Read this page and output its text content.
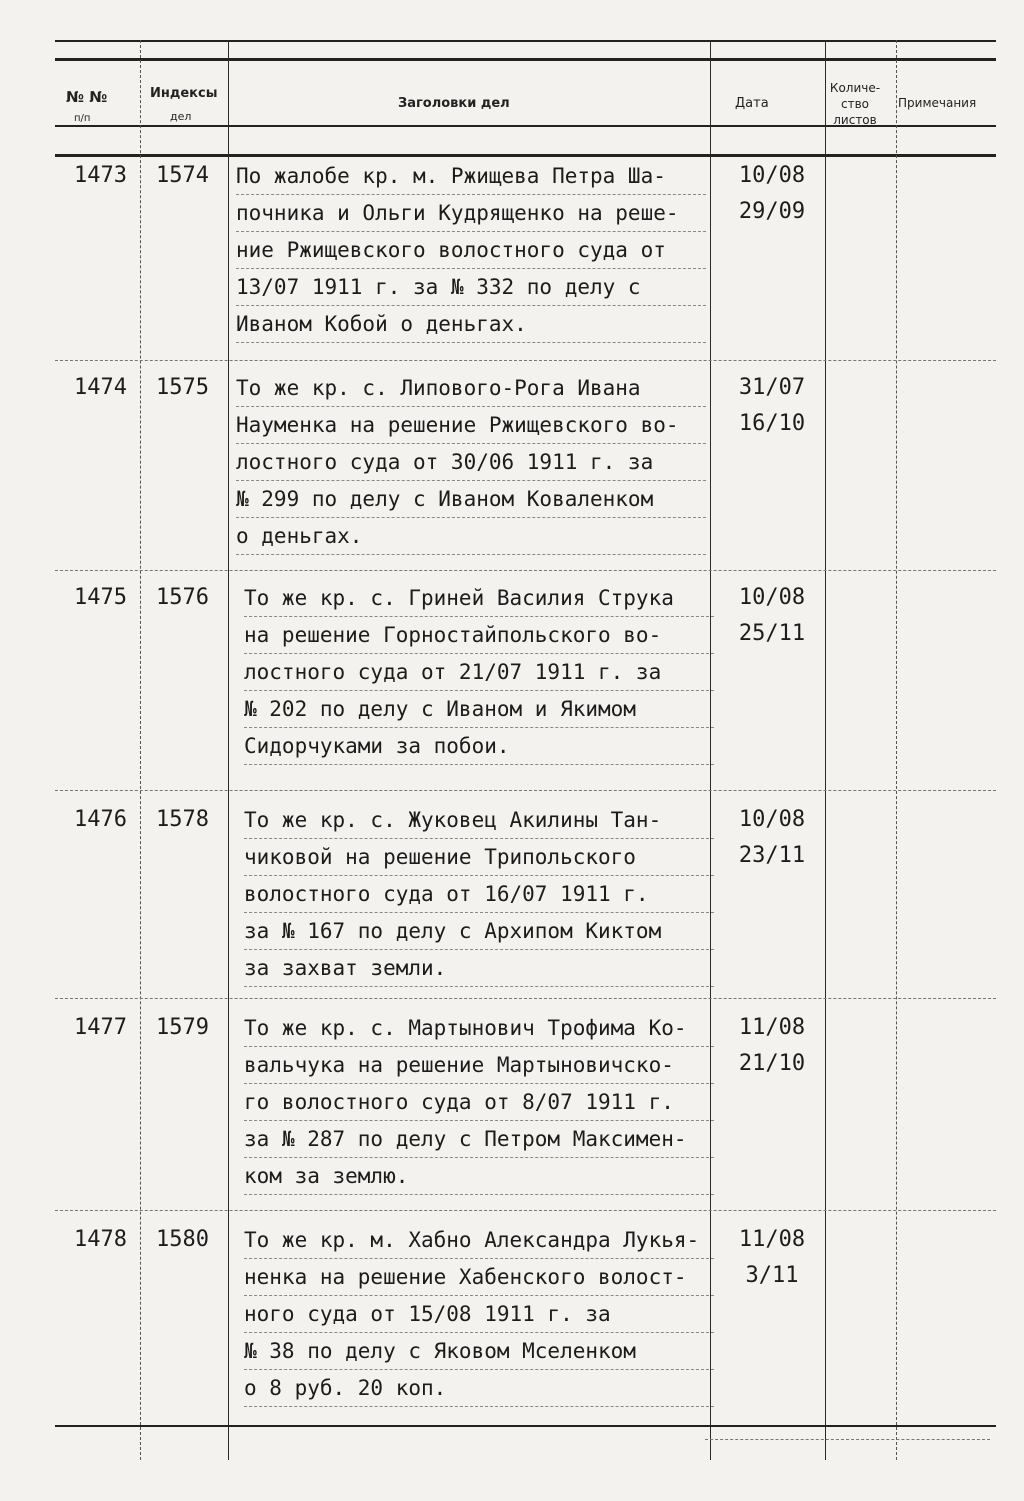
№ №
п/п
Индексы
дел
Заголовки дел	Дата
Количе- ство листов
Примечания
1473 1574 По жалобе кр. м. Ржищева Петра Ша-
почника и Ольги Кудрященко на реше-
ние Ржищевского волостного суда от
13/07 1911 г. за № 332 по делу с
Иваном Кобой о деньгах.
10/08
29/09
1474 1575 То же кр. с. Липового-Рога Ивана
Науменка на решение Ржищевского во-
лостного суда от 30/06 1911 г. за
№ 299 по делу с Иваном Коваленком
о деньгах.
31/07
16/10
1475 1576 То же кр. с. Гриней Василия Струка
на решение Горностайпольского во-
лостного суда от 21/07 1911 г. за
№ 202 по делу с Иваном и Якимом
Сидорчуками за побои.
10/08
25/11
1476 1578 То же кр. с. Жуковец Акилины Тан-
чиковой на решение Трипольского
волостного суда от 16/07 1911 г.
за № 167 по делу с Архипом Киктом
за захват земли.
10/08
23/11
1477 1579 То же кр. с. Мартынович Трофима Ко-
вальчука на решение Мартыновичско-
го волостного суда от 8/07 1911 г.
за № 287 по делу с Петром Максимен-
ком за землю.
11/08
21/10
1478 1580 То же кр. м. Хабно Александра Лукья-
ненка на решение Хабенского волост-
ного суда от 15/08 1911 г. за
№ 38 по делу с Яковом Мселенком
о 8 руб. 20 коп.
11/08
3/11
